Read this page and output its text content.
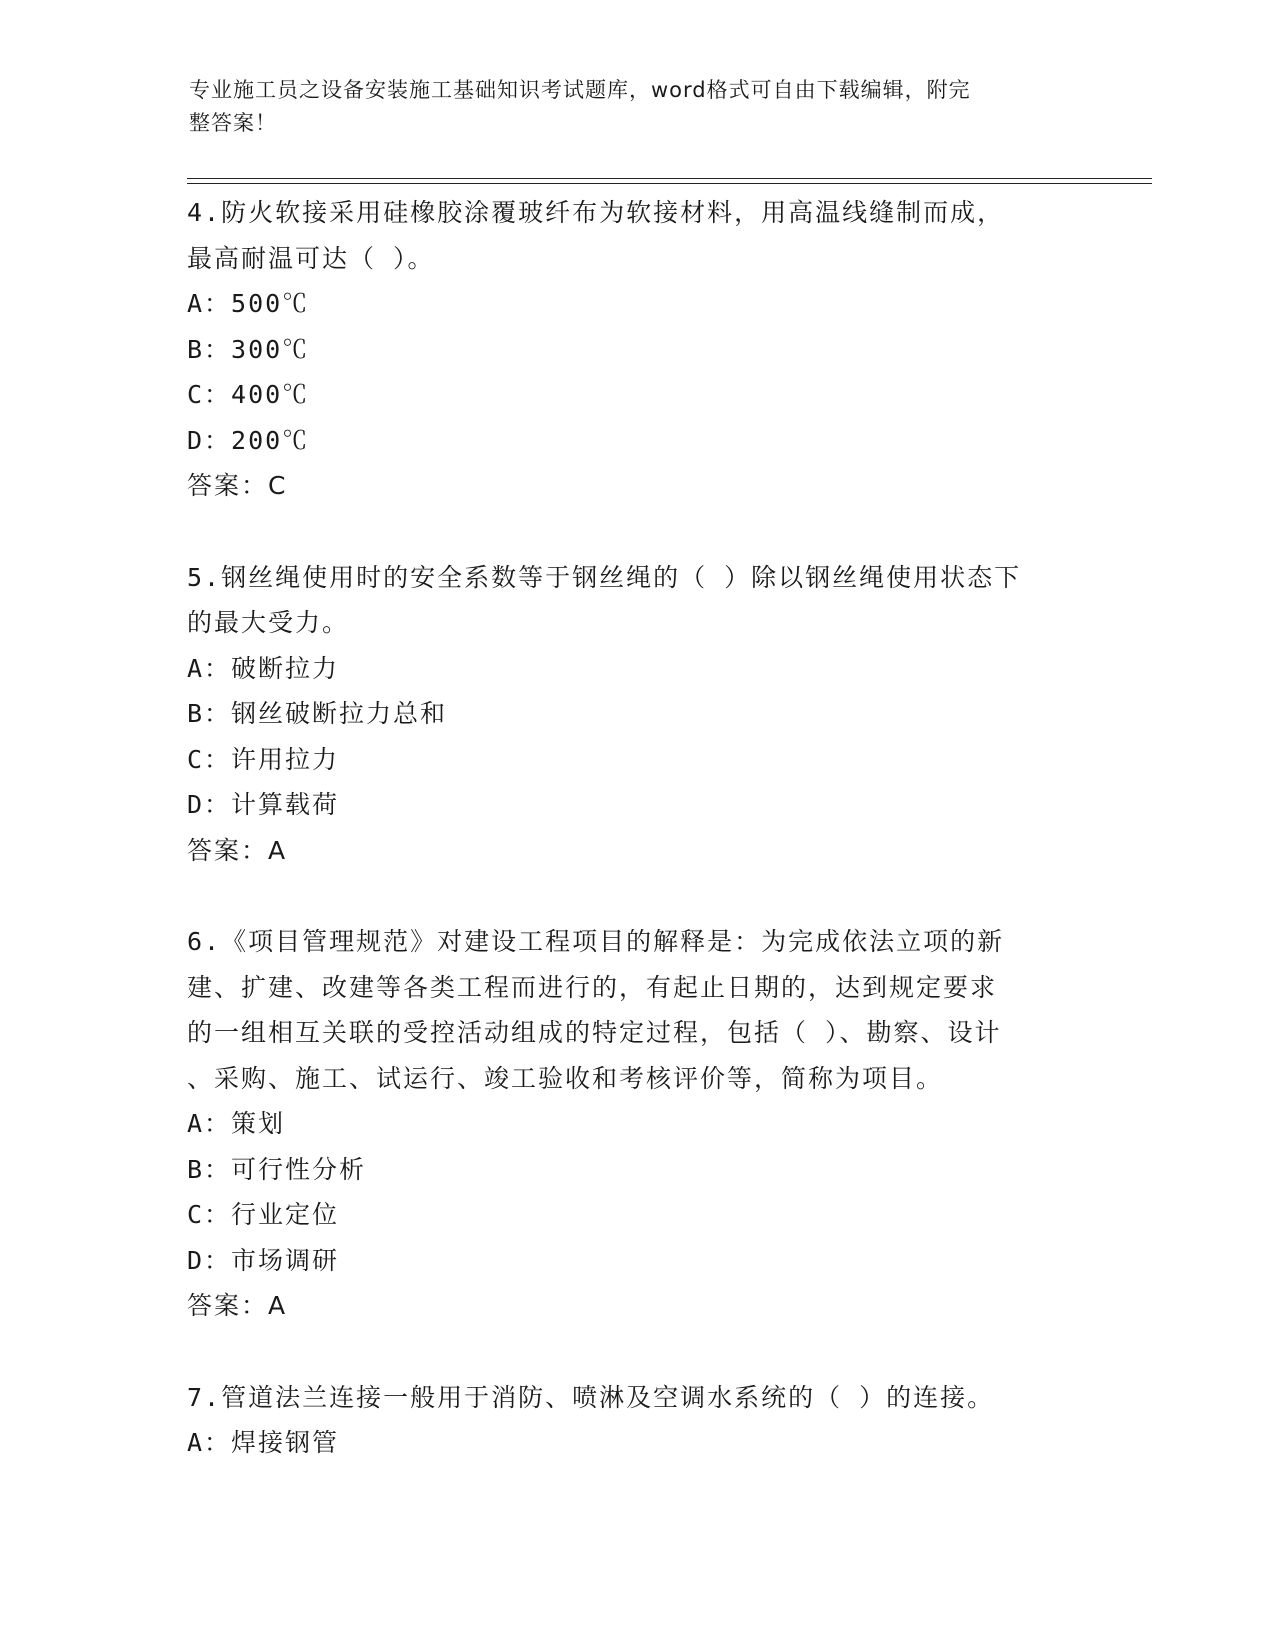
专业施工员之设备安装施工基础知识考试题库，word格式可自由下载编辑，附完
整答案！

4.防火软接采用硅橡胶涂覆玻纤布为软接材料，用高温线缝制而成，
最高耐温可达（ ）。

A：500℃
B：300℃
C：400℃
D：200℃
答案：C

5.钢丝绳使用时的安全系数等于钢丝绳的（ ）除以钢丝绳使用状态下
的最大受力。

A：破断拉力
B：钢丝破断拉力总和
C：许用拉力
D：计算载荷
答案：A

6.《项目管理规范》对建设工程项目的解释是：为完成依法立项的新
建、扩建、改建等各类工程而进行的，有起止日期的，达到规定要求
的一组相互关联的受控活动组成的特定过程，包括（ ）、勘察、设计
、采购、施工、试运行、竣工验收和考核评价等，简称为项目。

A：策划
B：可行性分析
C：行业定位
D：市场调研
答案：A

7.管道法兰连接一般用于消防、喷淋及空调水系统的（ ）的连接。

A：焊接钢管
